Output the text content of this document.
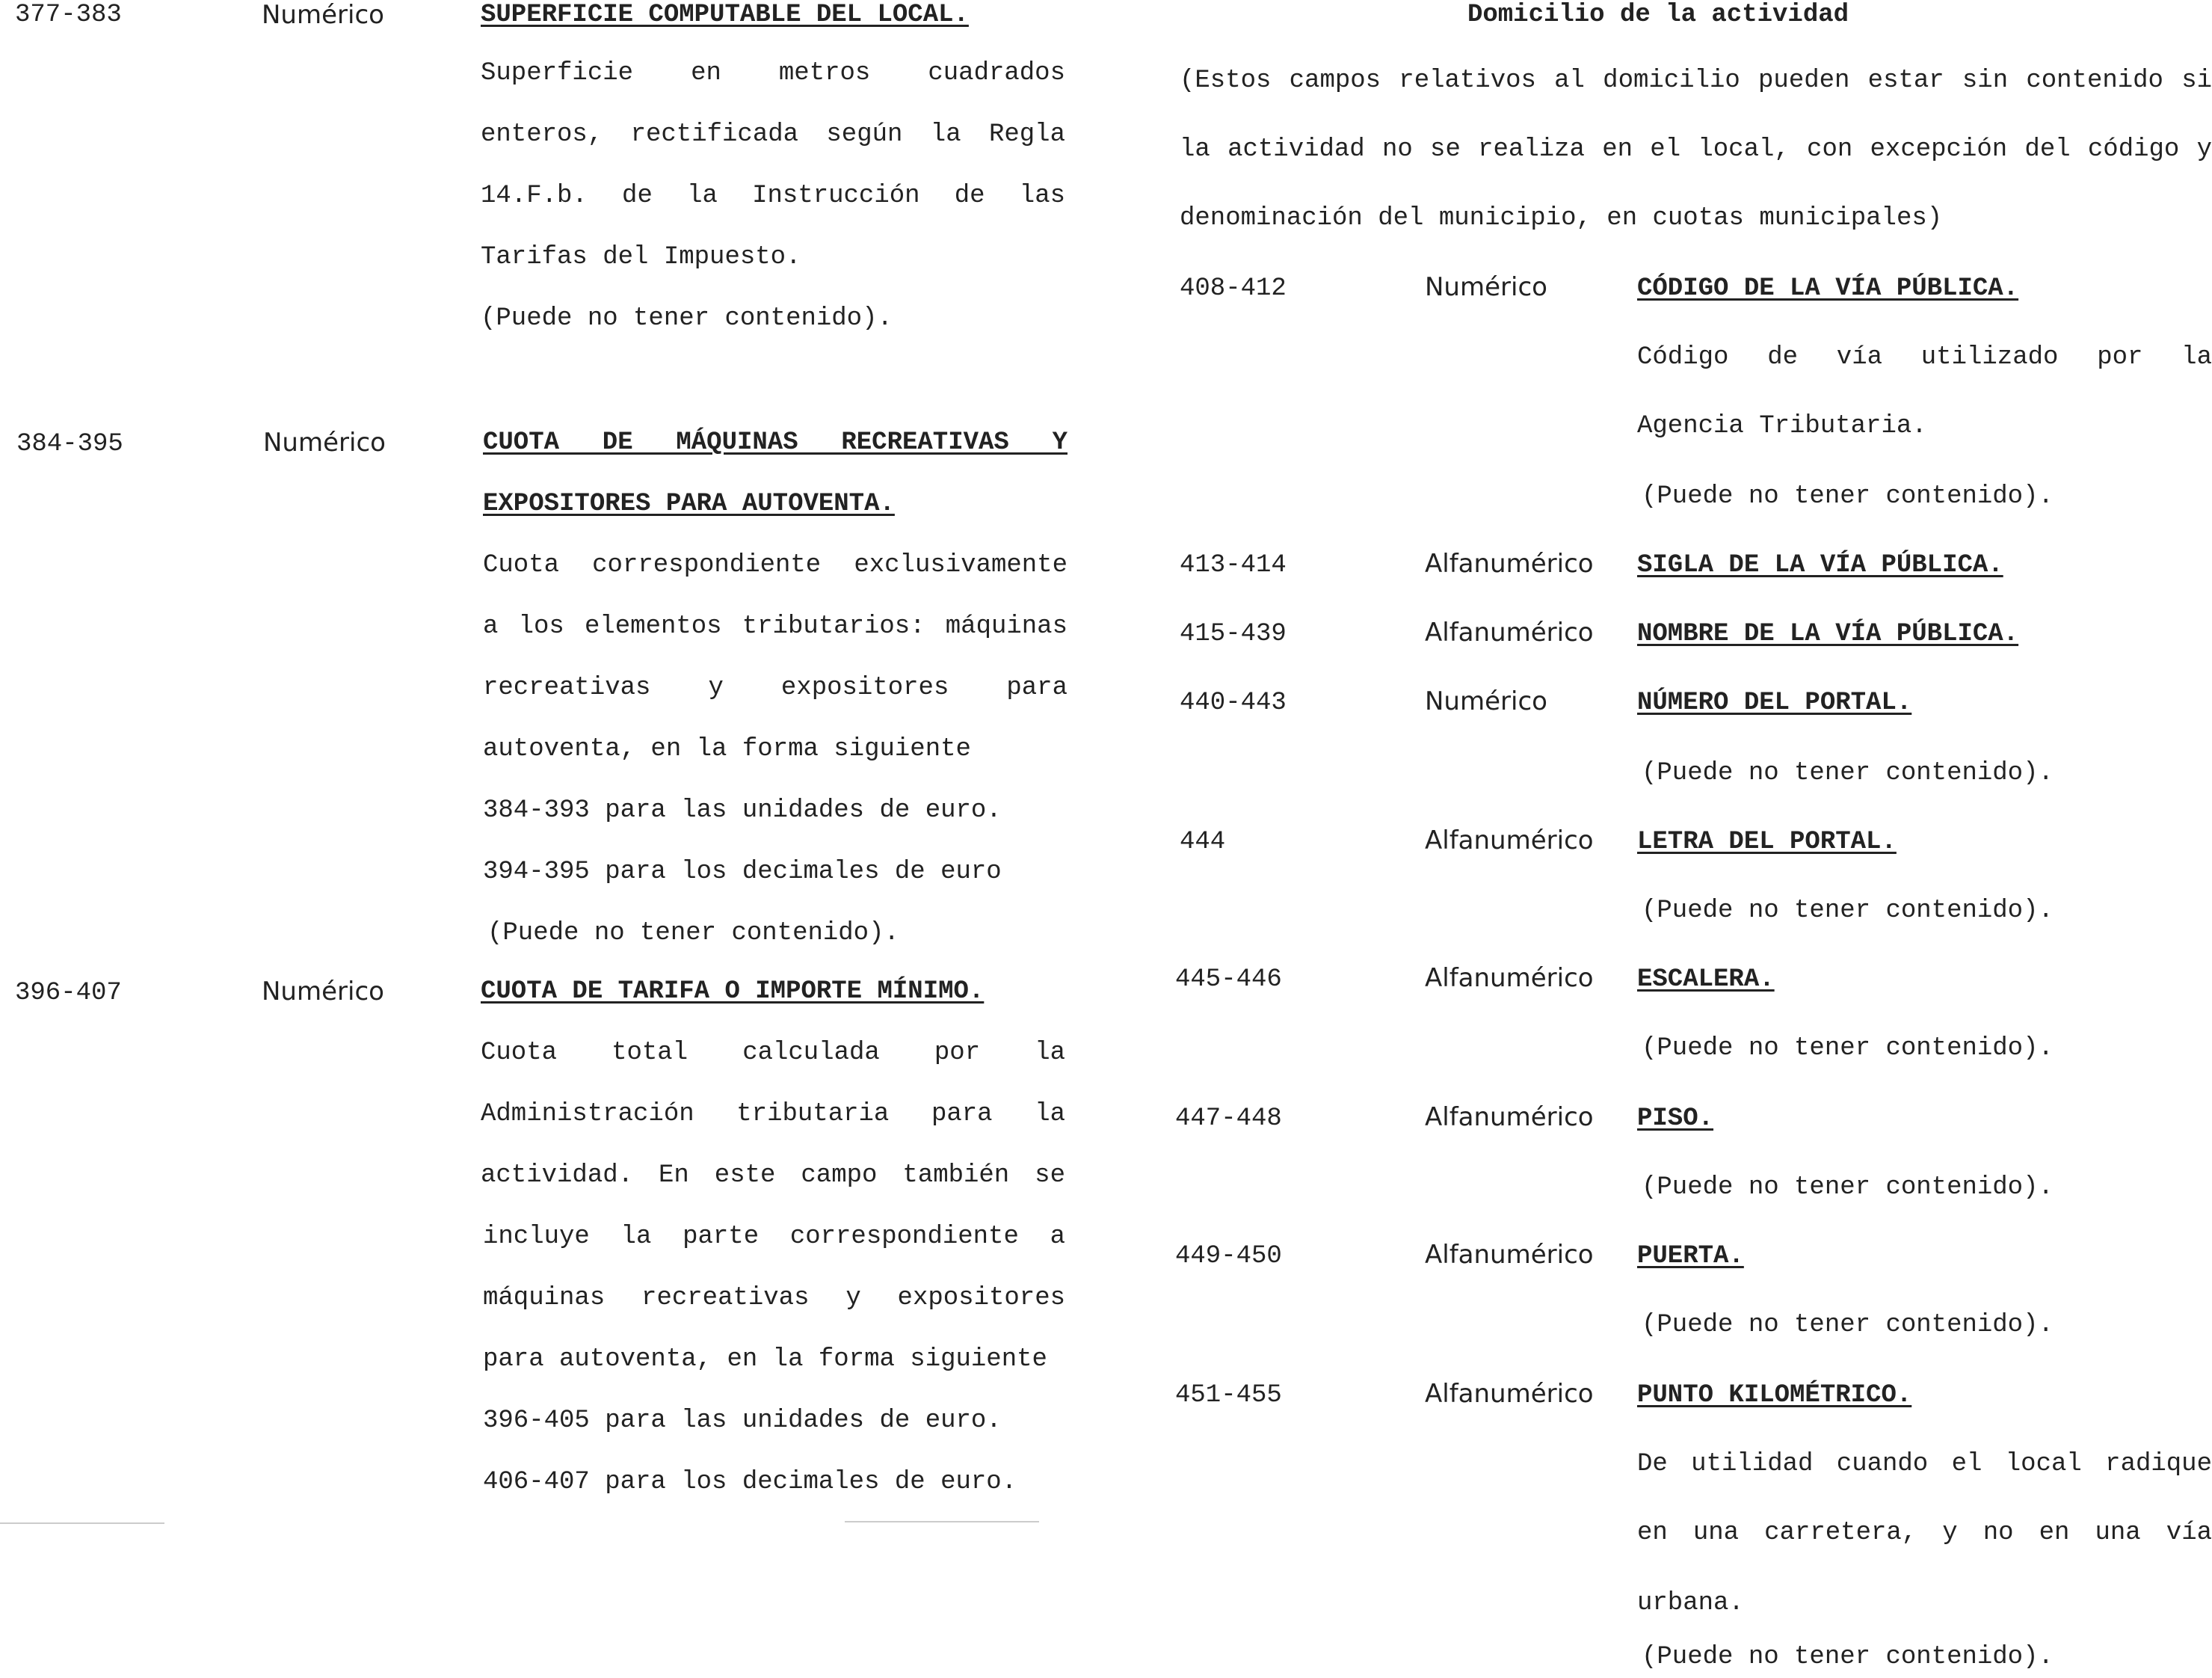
377-383	Numérico	SUPERFICIE COMPUTABLE DEL LOCAL.
Superficie en metros cuadrados
enteros, rectificada según la Regla
14.F.b. de la Instrucción de las
Tarifas del Impuesto.
(Puede no tener contenido).
384-395	Numérico	CUOTA DE MÁQUINAS RECREATIVAS Y
EXPOSITORES PARA AUTOVENTA.
Cuota correspondiente exclusivamente
a los elementos tributarios: máquinas
recreativas y expositores para
autoventa, en la forma siguiente
384-393 para las unidades de euro.
394-395 para los decimales de euro
(Puede no tener contenido).
396-407	Numérico	CUOTA DE TARIFA O IMPORTE MÍNIMO.
Cuota total calculada por la
Administración tributaria para la
actividad. En este campo también se
incluye la parte correspondiente a
máquinas recreativas y expositores
para autoventa, en la forma siguiente
396-405 para las unidades de euro.
406-407 para los decimales de euro.
Domicilio de la actividad
(Estos campos relativos al domicilio pueden estar sin contenido si
la actividad no se realiza en el local, con excepción del código y
denominación del municipio, en cuotas municipales)
408-412	Numérico	CÓDIGO DE LA VÍA PÚBLICA.
Código de vía utilizado por la
Agencia Tributaria.
(Puede no tener contenido).
413-414	Alfanumérico SIGLA DE LA VÍA PÚBLICA.
415-439	Alfanumérico NOMBRE DE LA VÍA PÚBLICA.
440-443	Numérico	NÚMERO DEL PORTAL.
(Puede no tener contenido).
444	Alfanumérico LETRA DEL PORTAL.
(Puede no tener contenido).
445-446	Alfanumérico ESCALERA.
(Puede no tener contenido).
447-448	Alfanumérico PISO.
(Puede no tener contenido).
449-450	Alfanumérico PUERTA.
(Puede no tener contenido).
451-455	Alfanumérico PUNTO KILOMÉTRICO.
De utilidad cuando el local radique
en una carretera, y no en una vía
urbana.
(Puede no tener contenido).
